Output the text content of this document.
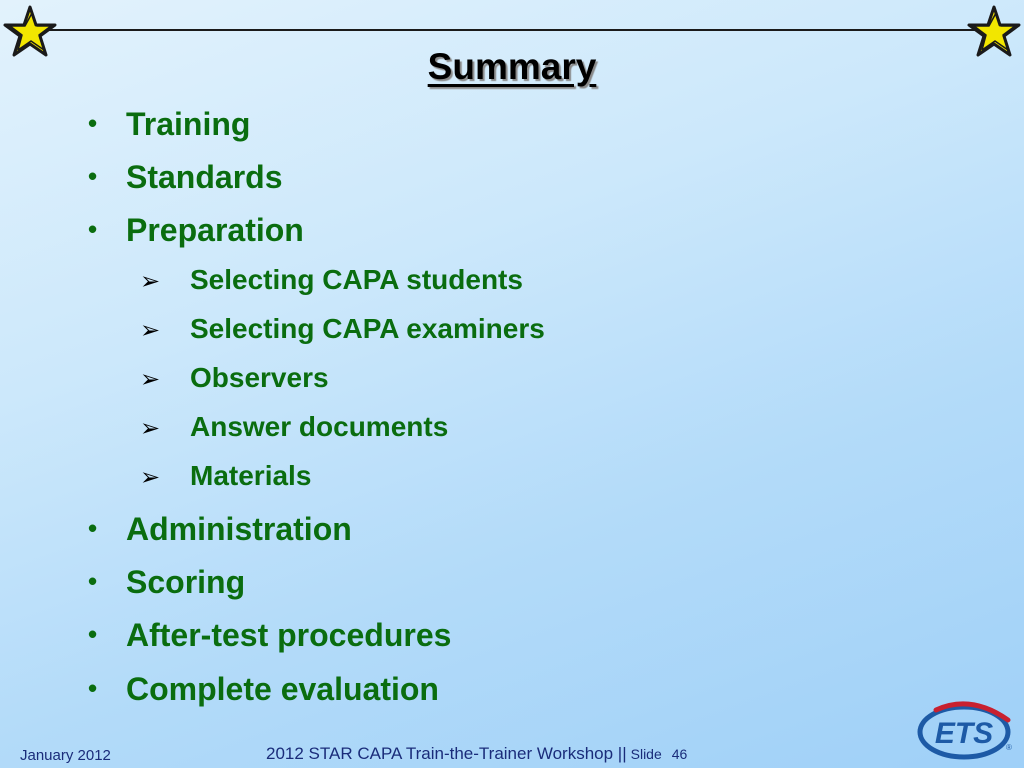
Summary
• Training
• Standards
• Preparation
➢ Selecting CAPA students
➢ Selecting CAPA examiners
➢ Observers
➢ Answer documents
➢ Materials
• Administration
• Scoring
• After-test procedures
• Complete evaluation
January 2012	2012 STAR CAPA Train-the-Trainer Workshop || Slide 46
ETS ®
